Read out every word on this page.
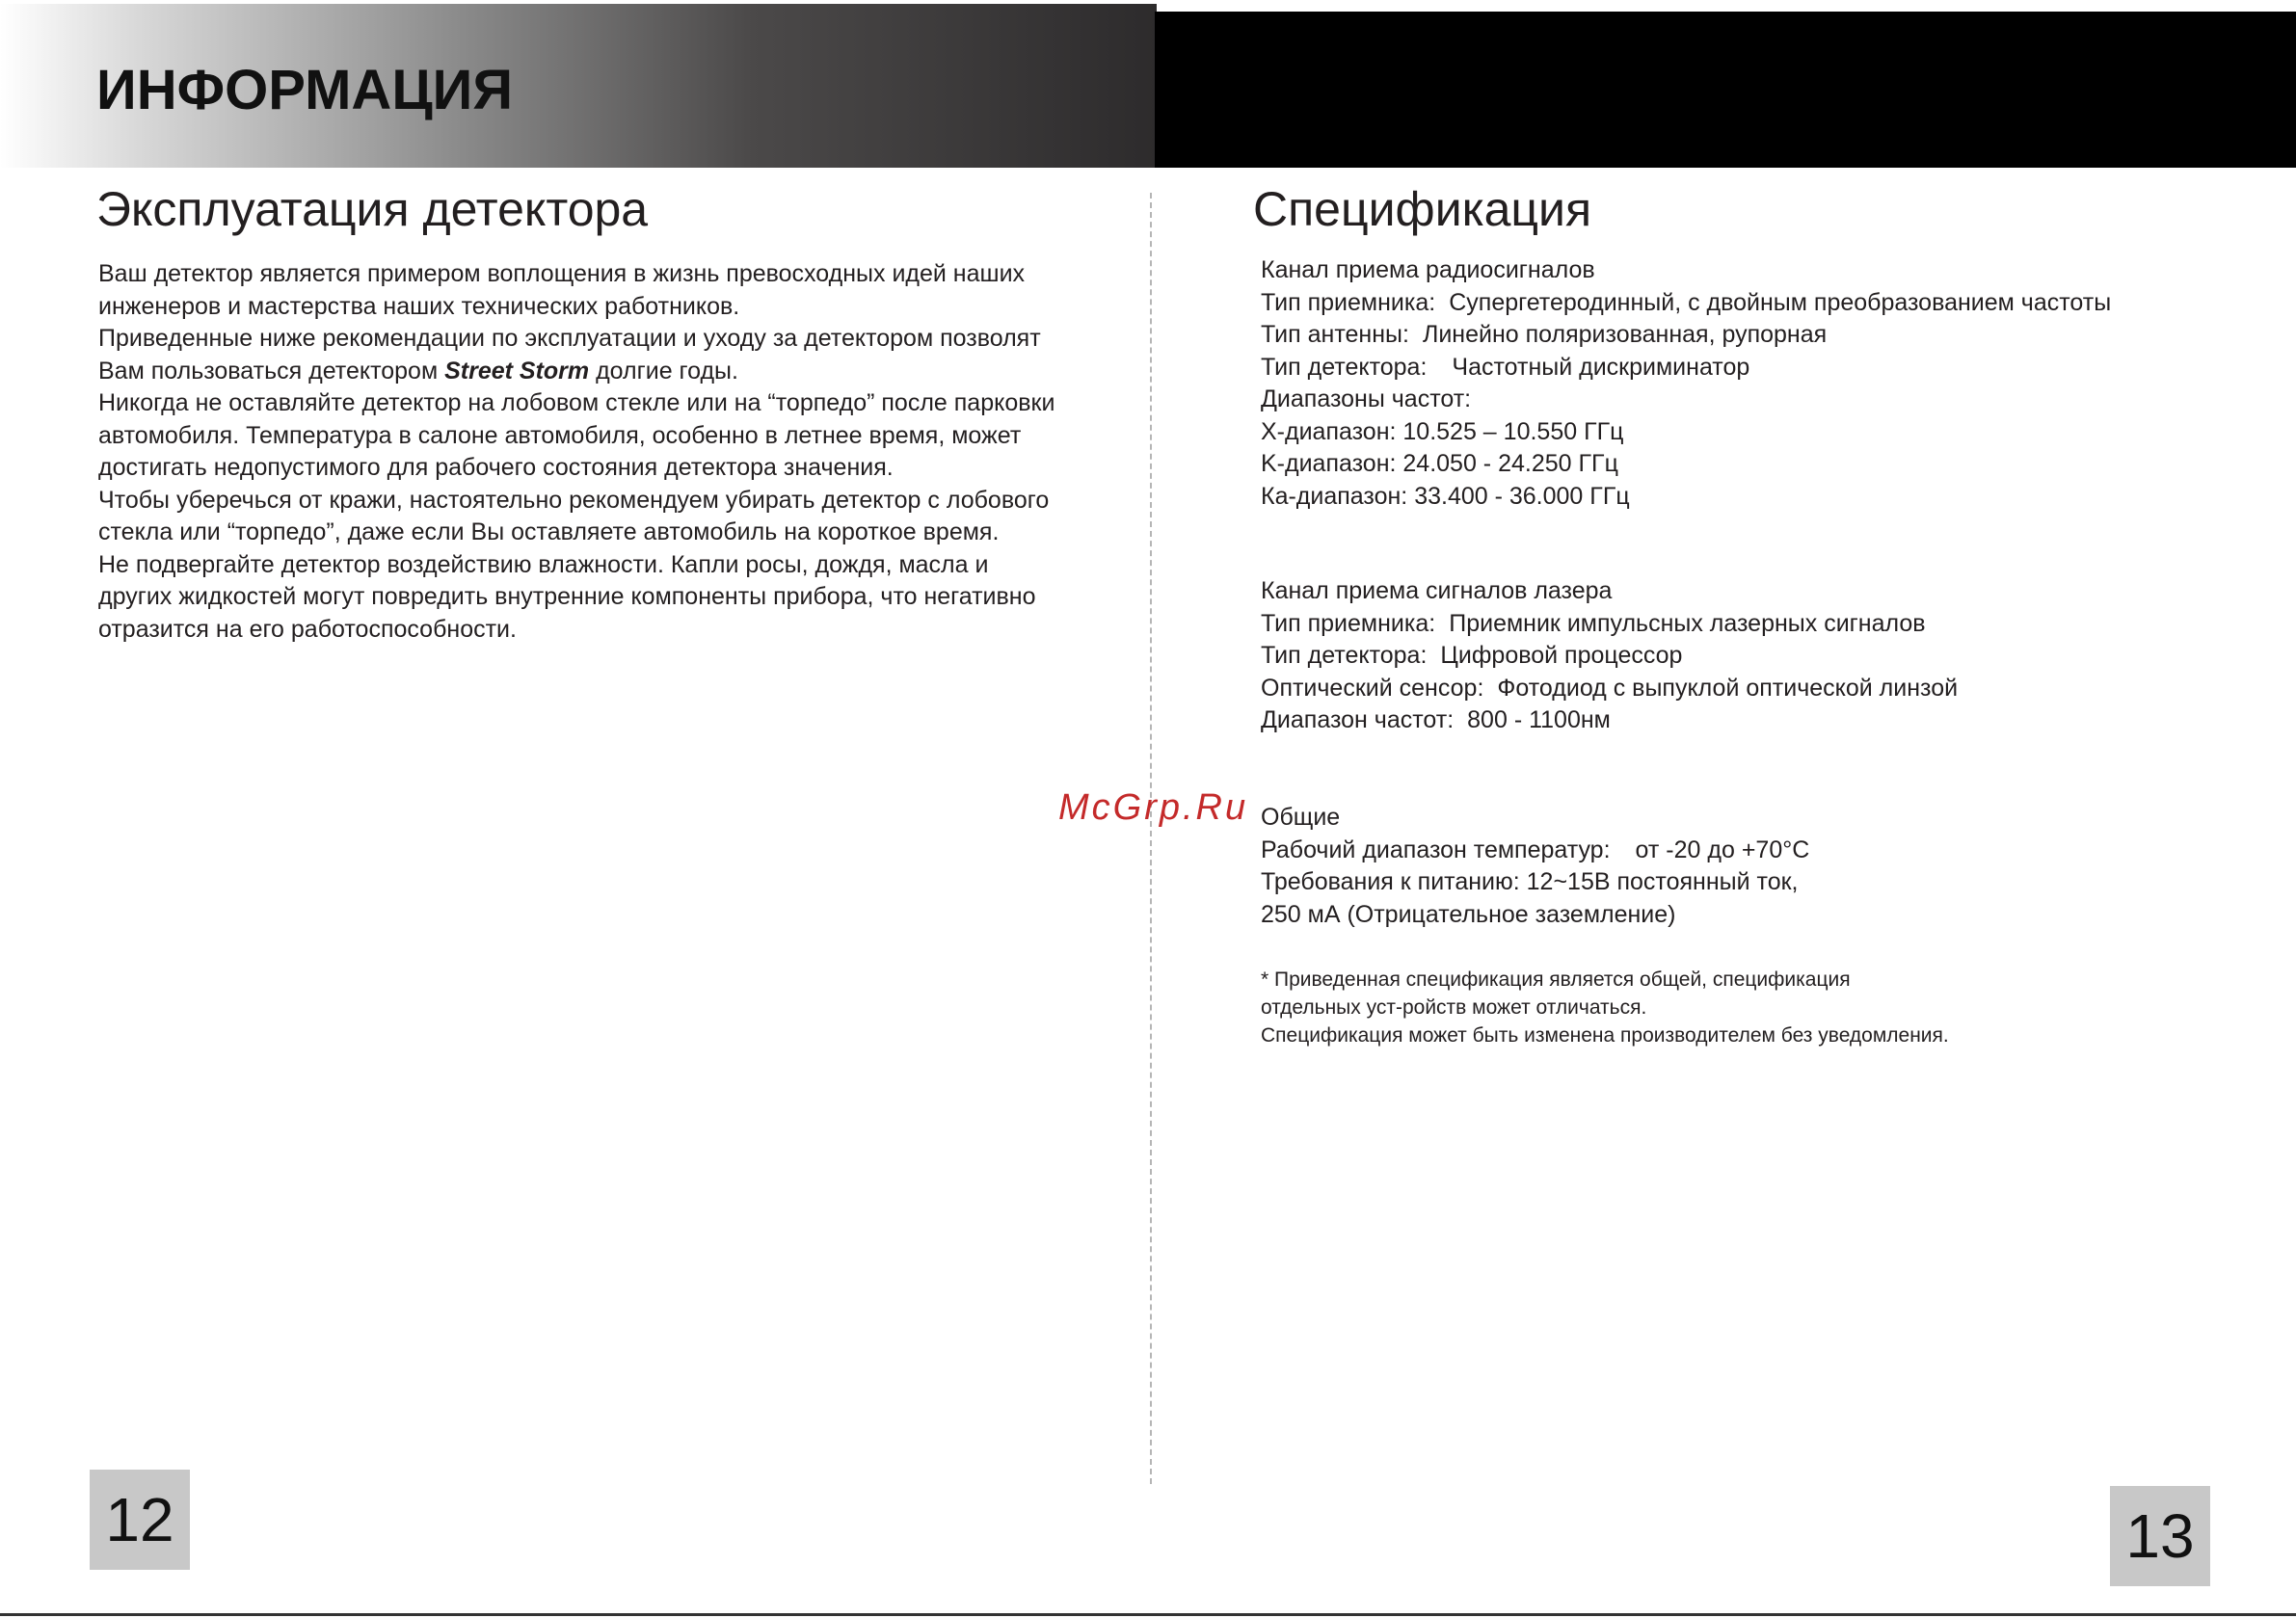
ИНФОРМАЦИЯ
Эксплуатация детектора

Ваш детектор является примером воплощения в жизнь превосходных идей наших инженеров и мастерства наших технических работников.

Приведенные ниже рекомендации по эксплуатации и уходу за детектором позволят Вам пользоваться детектором Street Storm долгие годы.

Никогда не оставляйте детектор на лобовом стекле или на “торпедо” после парковки автомобиля. Температура в салоне автомобиля, особенно в летнее время, может достигать недопустимого для рабочего состояния детектора значения.

Чтобы уберечься от кражи, настоятельно рекомендуем убирать детектор с лобового стекла или “торпедо”, даже если Вы оставляете автомобиль на короткое время.

Не подвергайте детектор воздействию влажности. Капли росы, дождя, масла и других жидкостей могут повредить внутренние компоненты прибора, что негативно отразится на его работоспособности.

Спецификация
Канал приема радиосигналов
Тип приемника: Супергетеродинный, с двойным преобразованием частоты
Тип антенны: Линейно поляризованная, рупорная
Тип детектора: Частотный дискриминатор
Диапазоны частот:
X-диапазон: 10.525 – 10.550 ГГц
K-диапазон: 24.050 - 24.250 ГГц
Ка-диапазон: 33.400 - 36.000 ГГц
Канал приема сигналов лазера
Тип приемника: Приемник импульсных лазерных сигналов
Тип детектора: Цифровой процессор
Оптический сенсор: Фотодиод с выпуклой оптической линзой
Диапазон частот: 800 - 1100нм
Общие
Рабочий диапазон температур: от -20 до +70°C
Требования к питанию: 12~15В постоянный ток,
250 мА (Отрицательное заземление)
* Приведенная спецификация является общей, спецификация
отдельных уст-ройств может отличаться.
Спецификация может быть изменена производителем без уведомления.
McGrp.Ru
12	13
